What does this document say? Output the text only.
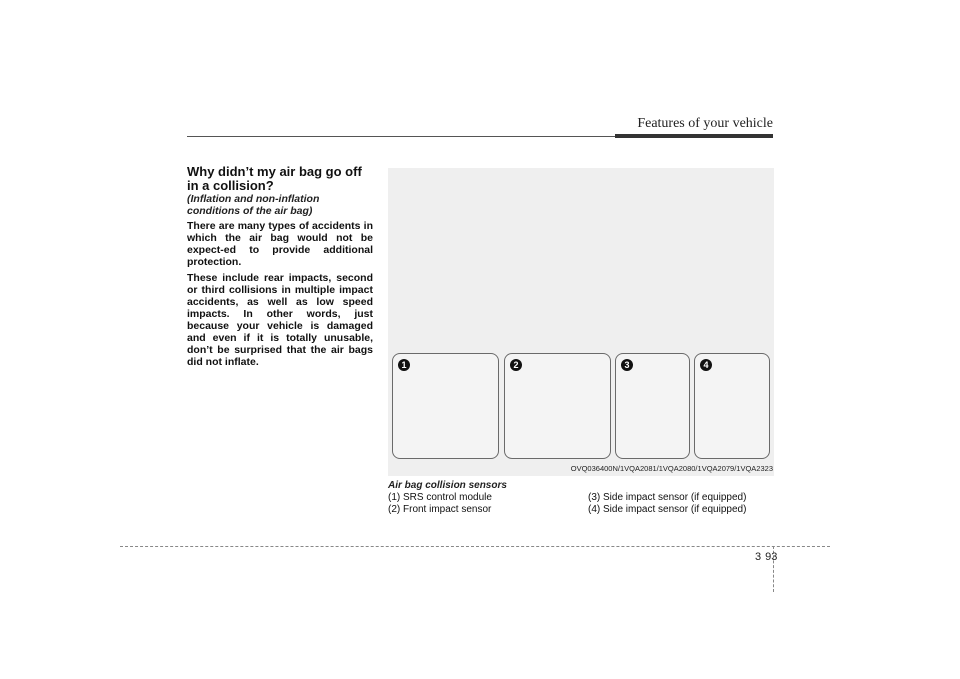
Features of your vehicle

Why didn’t my air bag go off in a collision?

(Inflation and non-inflation conditions of the air bag)

There are many types of accidents in which the air bag would not be expect-ed to provide additional protection.

These include rear impacts, second or third collisions in multiple impact accidents, as well as low speed impacts. In other words, just because your vehicle is damaged and even if it is totally unusable, don’t be surprised that the air bags did not inflate.	1	2	3	4
OVQ036400N/1VQA2081/1VQA2080/1VQA2079/1VQA2323
Air bag collision sensors
(1) SRS control module
(2) Front impact sensor
(3) Side impact sensor (if equipped)
(4) Side impact sensor (if equipped)
3 93
